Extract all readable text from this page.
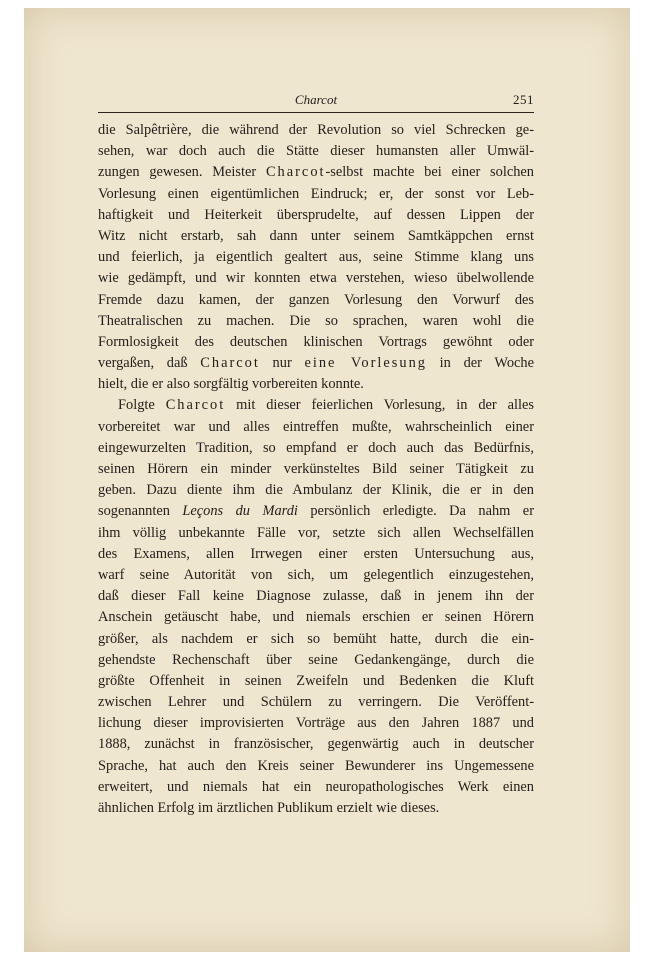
Charcot	251
die Salpêtrière, die während der Revolution so viel Schrecken ge-
sehen, war doch auch die Stätte dieser humansten aller Umwäl-
zungen gewesen. Meister Charcot-selbst machte bei einer solchen
Vorlesung einen eigentümlichen Eindruck; er, der sonst vor Leb-
haftigkeit und Heiterkeit übersprudelte, auf dessen Lippen der
Witz nicht erstarb, sah dann unter seinem Samtkäppchen ernst
und feierlich, ja eigentlich gealtert aus, seine Stimme klang uns
wie gedämpft, und wir konnten etwa verstehen, wieso übelwollende
Fremde dazu kamen, der ganzen Vorlesung den Vorwurf des
Theatralischen zu machen. Die so sprachen, waren wohl die
Formlosigkeit des deutschen klinischen Vortrags gewöhnt oder
vergaßen, daß Charcot nur eine Vorlesung in der Woche
hielt, die er also sorgfältig vorbereiten konnte.
Folgte Charcot mit dieser feierlichen Vorlesung, in der alles
vorbereitet war und alles eintreffen mußte, wahrscheinlich einer
eingewurzelten Tradition, so empfand er doch auch das Bedürfnis,
seinen Hörern ein minder verkünsteltes Bild seiner Tätigkeit zu
geben. Dazu diente ihm die Ambulanz der Klinik, die er in den
sogenannten Leçons du Mardi persönlich erledigte. Da nahm er
ihm völlig unbekannte Fälle vor, setzte sich allen Wechselfällen
des Examens, allen Irrwegen einer ersten Untersuchung aus,
warf seine Autorität von sich, um gelegentlich einzugestehen,
daß dieser Fall keine Diagnose zulasse, daß in jenem ihn der
Anschein getäuscht habe, und niemals erschien er seinen Hörern
größer, als nachdem er sich so bemüht hatte, durch die ein-
gehendste Rechenschaft über seine Gedankengänge, durch die
größte Offenheit in seinen Zweifeln und Bedenken die Kluft
zwischen Lehrer und Schülern zu verringern. Die Veröffent-
lichung dieser improvisierten Vorträge aus den Jahren 1887 und
1888, zunächst in französischer, gegenwärtig auch in deutscher
Sprache, hat auch den Kreis seiner Bewunderer ins Ungemessene
erweitert, und niemals hat ein neuropathologisches Werk einen
ähnlichen Erfolg im ärztlichen Publikum erzielt wie dieses.
